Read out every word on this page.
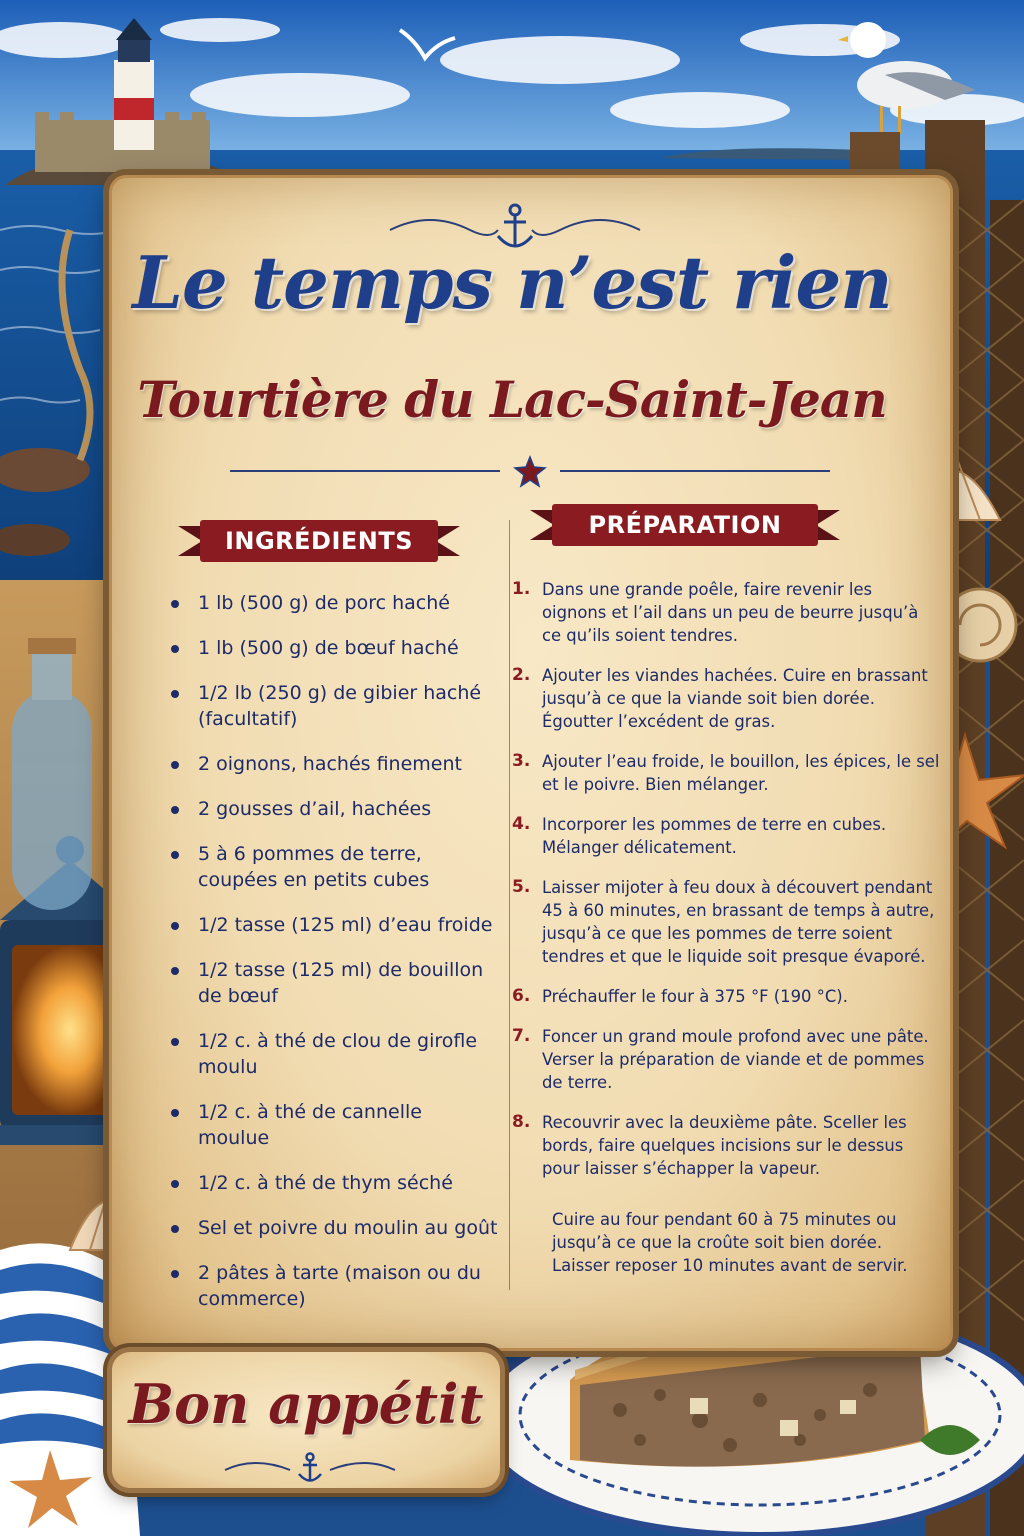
Le temps n’est rien
Tourtière du Lac-Saint-Jean
INGRÉDIENTS
PRÉPARATION
1 lb (500 g) de porc haché
1 lb (500 g) de bœuf haché
1/2 lb (250 g) de gibier haché (facultatif)
2 oignons, hachés finement
2 gousses d’ail, hachées
5 à 6 pommes de terre, coupées en petits cubes
1/2 tasse (125 ml) d’eau froide
1/2 tasse (125 ml) de bouillon de bœuf
1/2 c. à thé de clou de girofle moulu
1/2 c. à thé de cannelle moulue
1/2 c. à thé de thym séché
Sel et poivre du moulin au goût
2 pâtes à tarte (maison ou du commerce)
1. Dans une grande poêle, faire revenir les oignons et l’ail dans un peu de beurre jusqu’à ce qu’ils soient tendres.
2. Ajouter les viandes hachées. Cuire en brassant jusqu’à ce que la viande soit bien dorée. Égoutter l’excédent de gras.
3. Ajouter l’eau froide, le bouillon, les épices, le sel et le poivre. Bien mélanger.
4. Incorporer les pommes de terre en cubes. Mélanger délicatement.
5. Laisser mijoter à feu doux à découvert pendant 45 à 60 minutes, en brassant de temps à autre, jusqu’à ce que les pommes de terre soient tendres et que le liquide soit presque évaporé.
6. Préchauffer le four à 375 °F (190 °C).
7. Foncer un grand moule profond avec une pâte. Verser la préparation de viande et de pommes de terre.
8. Recouvrir avec la deuxième pâte. Sceller les bords, faire quelques incisions sur le dessus pour laisser s’échapper la vapeur.
Cuire au four pendant 60 à 75 minutes ou jusqu’à ce que la croûte soit bien dorée. Laisser reposer 10 minutes avant de servir.
Bon appétit
